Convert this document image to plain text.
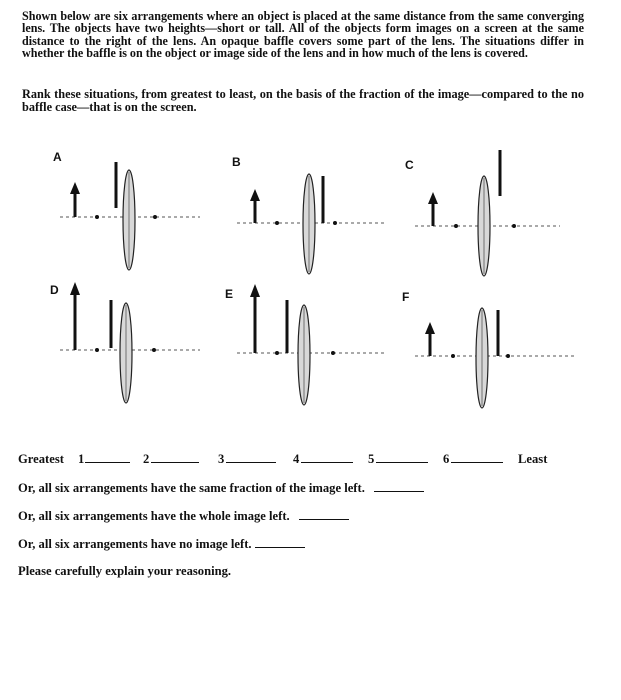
Shown below are six arrangements where an object is placed at the same distance from the same converging lens. The objects have two heights—short or tall. All of the objects form images on a screen at the same distance to the right of the lens. An opaque baffle covers some part of the lens. The situations differ in whether the baffle is on the object or image side of the lens and in how much of the lens is covered.
Rank these situations, from greatest to least, on the basis of the fraction of the image—compared to the no baffle case—that is on the screen.
A	B	C
D	E	F
Greatest 1	2	3	4	5	6	Least
Or, all six arrangements have the same fraction of the image left.
Or, all six arrangements have the whole image left.
Or, all six arrangements have no image left.
Please carefully explain your reasoning.
